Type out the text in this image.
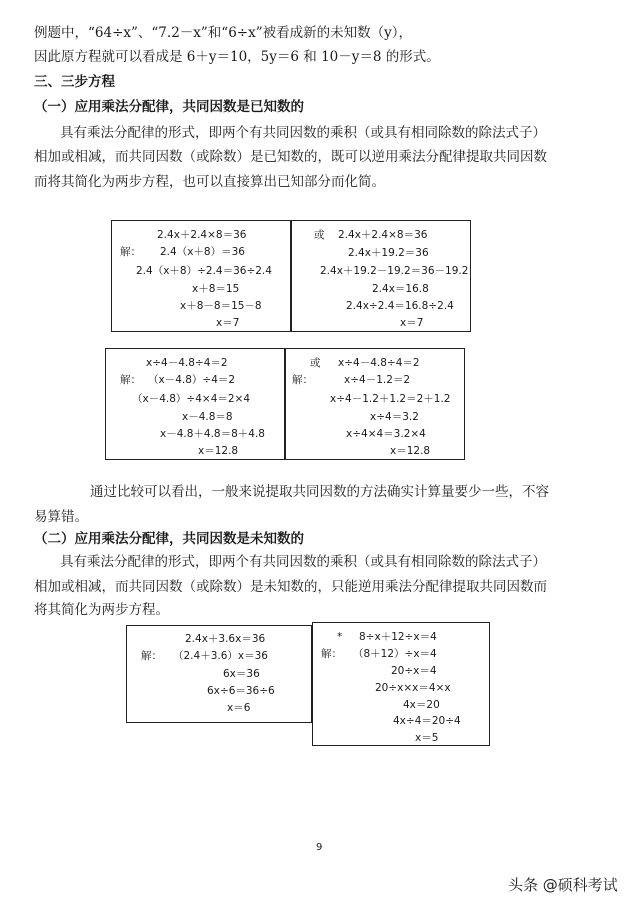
例题中，“64÷x”、“7.2－x”和“6÷x”被看成新的未知数（y），
因此原方程就可以看成是 6＋y＝10，5y＝6 和 10－y＝8 的形式。
三、三步方程
（一）应用乘法分配律，共同因数是已知数的
具有乘法分配律的形式，即两个有共同因数的乘积（或具有相同除数的除法式子）
相加或相减，而共同因数（或除数）是已知数的，既可以逆用乘法分配律提取共同因数
而将其简化为两步方程，也可以直接算出已知部分而化简。
2.4x＋2.4×8＝36
解： 2.4（x＋8）＝36
2.4（x＋8）÷2.4＝36÷2.4
x＋8＝15
x＋8－8＝15－8
x＝7
或 2.4x＋2.4×8＝36
2.4x＋19.2＝36
2.4x＋19.2－19.2＝36－19.2
2.4x＝16.8
2.4x÷2.4＝16.8÷2.4
x＝7
x÷4－4.8÷4＝2
解： （x－4.8）÷4＝2
（x－4.8）÷4×4＝2×4
x－4.8＝8
x－4.8＋4.8＝8＋4.8
x＝12.8
或 x÷4－4.8÷4＝2
解：	x÷4－1.2＝2
x÷4－1.2＋1.2＝2＋1.2
x÷4＝3.2
x÷4×4＝3.2×4
x＝12.8
通过比较可以看出，一般来说提取共同因数的方法确实计算量要少一些，不容
易算错。
（二）应用乘法分配律，共同因数是未知数的
具有乘法分配律的形式，即两个有共同因数的乘积（或具有相同除数的除法式子）
相加或相减，而共同因数（或除数）是未知数的，只能逆用乘法分配律提取共同因数而
将其简化为两步方程。
2.4x＋3.6x＝36
解： （2.4＋3.6）x＝36
6x＝36
6x÷6＝36÷6
x＝6
* 8÷x＋12÷x＝4
解： （8＋12）÷x＝4
20÷x＝4
20÷x×x＝4×x
4x＝20
4x÷4＝20÷4
x＝5
9
头条 @硕科考试
